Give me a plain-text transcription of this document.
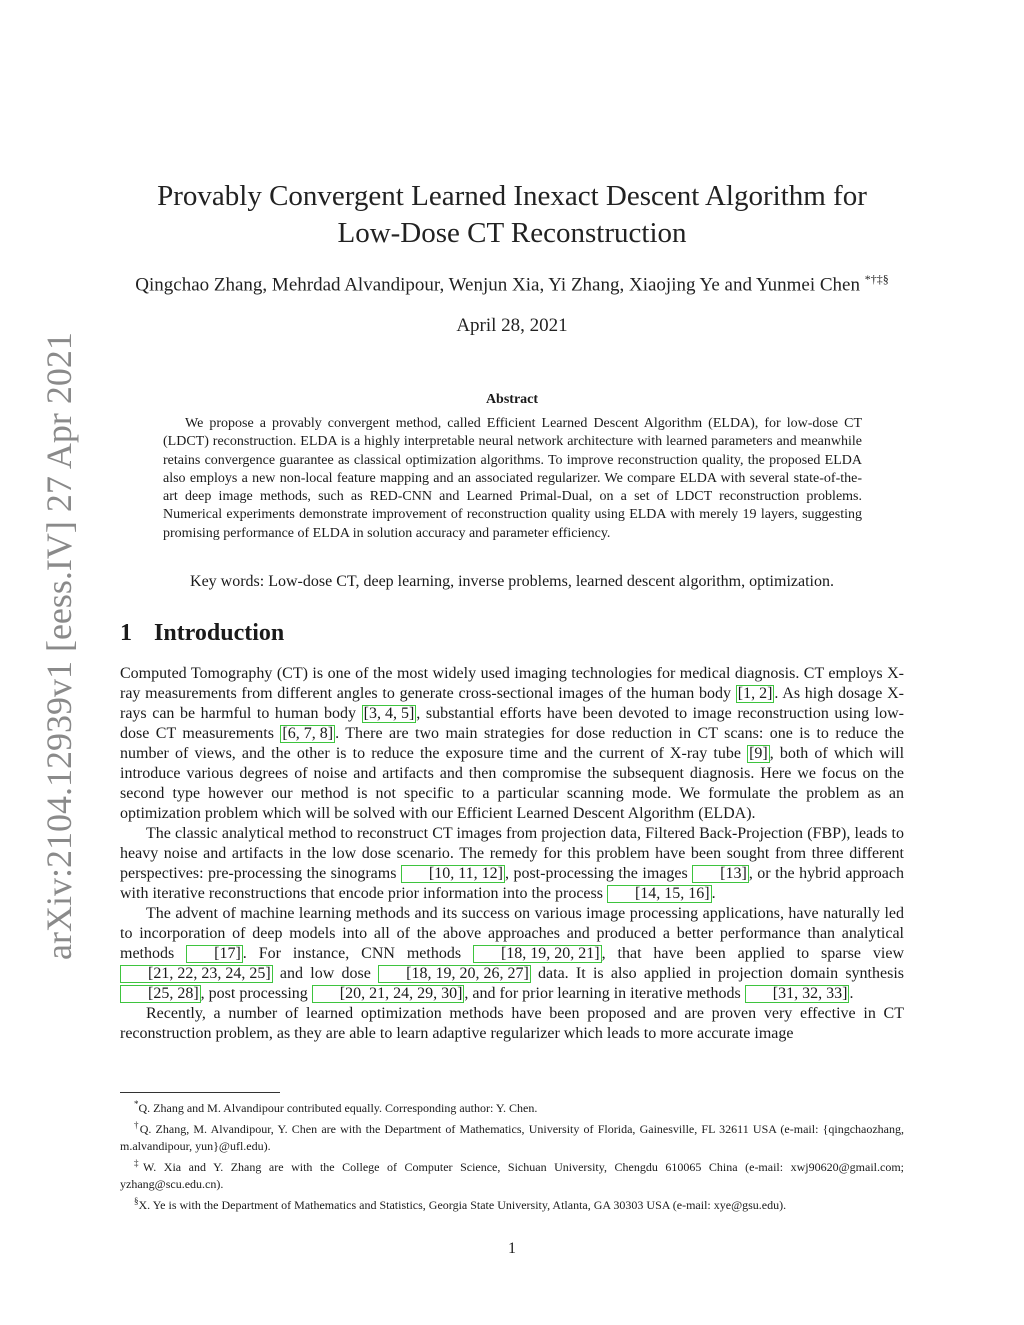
arXiv:2104.12939v1 [eess.IV] 27 Apr 2021
Provably Convergent Learned Inexact Descent Algorithm for
Low-Dose CT Reconstruction
Qingchao Zhang, Mehrdad Alvandipour, Wenjun Xia, Yi Zhang, Xiaojing Ye and Yunmei Chen *†‡§
April 28, 2021
Abstract
We propose a provably convergent method, called Efficient Learned Descent Algorithm (ELDA), for low-dose CT (LDCT) reconstruction. ELDA is a highly interpretable neural network architecture with learned parameters and meanwhile retains convergence guarantee as classical optimization algorithms. To improve reconstruction quality, the proposed ELDA also employs a new non-local feature mapping and an associated regularizer. We compare ELDA with several state-of-the-art deep image methods, such as RED-CNN and Learned Primal-Dual, on a set of LDCT reconstruction problems. Numerical experiments demonstrate improvement of reconstruction quality using ELDA with merely 19 layers, suggesting promising performance of ELDA in solution accuracy and parameter efficiency.
Key words: Low-dose CT, deep learning, inverse problems, learned descent algorithm, optimization.
1 Introduction

Computed Tomography (CT) is one of the most widely used imaging technologies for medical diagnosis. CT employs X-ray measurements from different angles to generate cross-sectional images of the human body [1, 2] . As high dosage X-rays can be harmful to human body [3, 4, 5] , substantial efforts have been devoted to image reconstruction using low-dose CT measurements [6, 7, 8] . There are two main strategies for dose reduction in CT scans: one is to reduce the number of views, and the other is to reduce the exposure time and the current of X-ray tube [9] , both of which will introduce various degrees of noise and artifacts and then compromise the subsequent diagnosis. Here we focus on the second type however our method is not specific to a particular scanning mode. We formulate the problem as an optimization problem which will be solved with our Efficient Learned Descent Algorithm (ELDA).

The classic analytical method to reconstruct CT images from projection data, Filtered Back-Projection (FBP), leads to heavy noise and artifacts in the low dose scenario. The remedy for this problem have been sought from three different perspectives: pre-processing the sinograms [10, 11, 12] , post-processing the images [13] , or the hybrid approach with iterative reconstructions that encode prior information into the process [14, 15, 16] .

The advent of machine learning methods and its success on various image processing applications, have naturally led to incorporation of deep models into all of the above approaches and produced a better performance than analytical methods [17] . For instance, CNN methods [18, 19, 20, 21] , that have been applied to sparse view [21, 22, 23, 24, 25] and low dose [18, 19, 20, 26, 27] data. It is also applied in projection domain synthesis [25, 28] , post processing [20, 21, 24, 29, 30] , and for prior learning in iterative methods [31, 32, 33] .

Recently, a number of learned optimization methods have been proposed and are proven very effective in CT reconstruction problem, as they are able to learn adaptive regularizer which leads to more accurate image

*Q. Zhang and M. Alvandipour contributed equally. Corresponding author: Y. Chen.

†Q. Zhang, M. Alvandipour, Y. Chen are with the Department of Mathematics, University of Florida, Gainesville, FL 32611 USA (e-mail: {qingchaozhang, m.alvandipour, yun}@ufl.edu).

‡W. Xia and Y. Zhang are with the College of Computer Science, Sichuan University, Chengdu 610065 China (e-mail: xwj90620@gmail.com; yzhang@scu.edu.cn).

§X. Ye is with the Department of Mathematics and Statistics, Georgia State University, Atlanta, GA 30303 USA (e-mail: xye@gsu.edu).

1
